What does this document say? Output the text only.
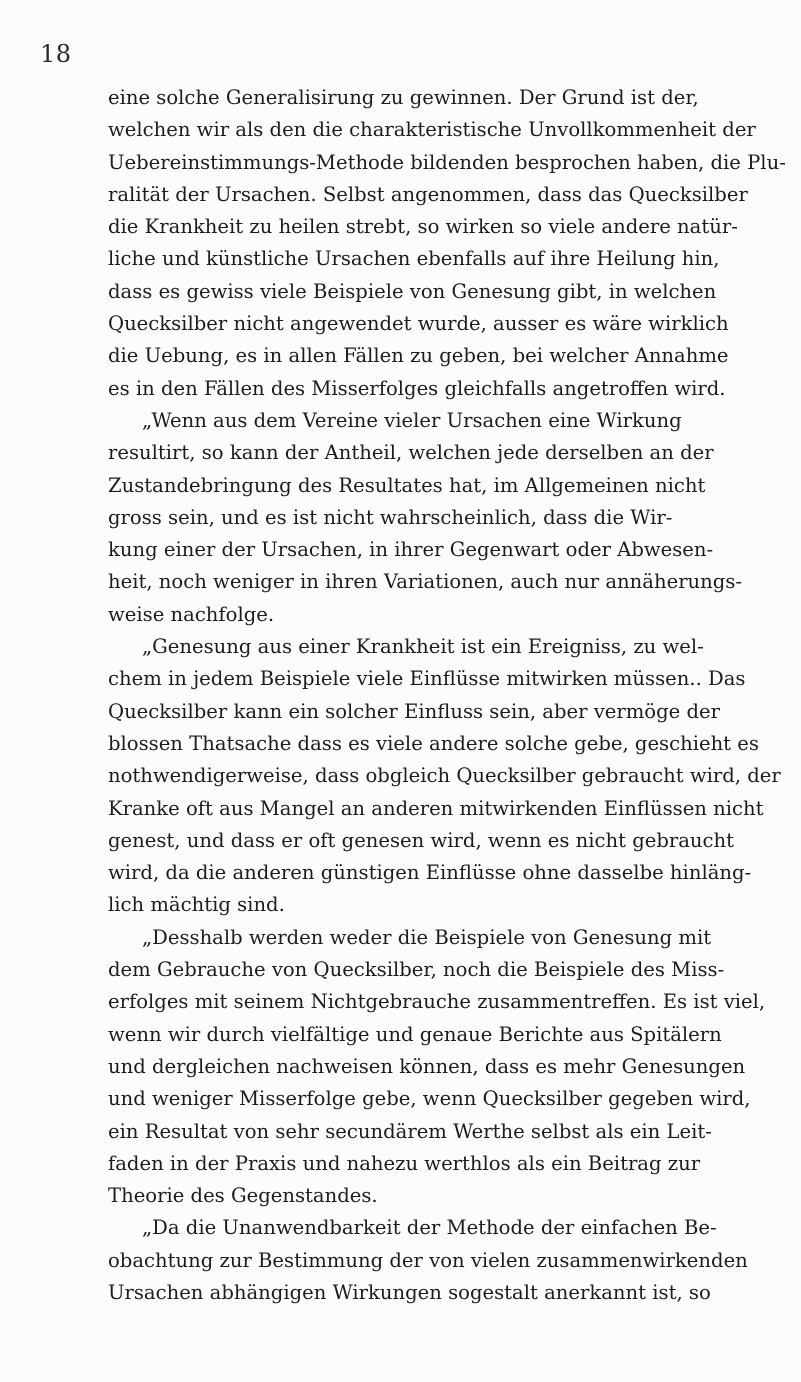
18
eine solche Generalisirung zu gewinnen. Der Grund ist der,
welchen wir als den die charakteristische Unvollkommenheit der
Uebereinstimmungs-Methode bildenden besprochen haben, die Plu-
ralität der Ursachen. Selbst angenommen, dass das Quecksilber
die Krankheit zu heilen strebt, so wirken so viele andere natür-
liche und künstliche Ursachen ebenfalls auf ihre Heilung hin,
dass es gewiss viele Beispiele von Genesung gibt, in welchen
Quecksilber nicht angewendet wurde, ausser es wäre wirklich
die Uebung, es in allen Fällen zu geben, bei welcher Annahme
es in den Fällen des Misserfolges gleichfalls angetroffen wird.
„Wenn aus dem Vereine vieler Ursachen eine Wirkung
resultirt, so kann der Antheil, welchen jede derselben an der
Zustandebringung des Resultates hat, im Allgemeinen nicht
gross sein, und es ist nicht wahrscheinlich, dass die Wir-
kung einer der Ursachen, in ihrer Gegenwart oder Abwesen-
heit, noch weniger in ihren Variationen, auch nur annäherungs-
weise nachfolge.
„Genesung aus einer Krankheit ist ein Ereigniss, zu wel-
chem in jedem Beispiele viele Einflüsse mitwirken müssen.. Das
Quecksilber kann ein solcher Einfluss sein, aber vermöge der
blossen Thatsache dass es viele andere solche gebe, geschieht es
nothwendigerweise, dass obgleich Quecksilber gebraucht wird, der
Kranke oft aus Mangel an anderen mitwirkenden Einflüssen nicht
genest, und dass er oft genesen wird, wenn es nicht gebraucht
wird, da die anderen günstigen Einflüsse ohne dasselbe hinläng-
lich mächtig sind.
„Desshalb werden weder die Beispiele von Genesung mit
dem Gebrauche von Quecksilber, noch die Beispiele des Miss-
erfolges mit seinem Nichtgebrauche zusammentreffen. Es ist viel,
wenn wir durch vielfältige und genaue Berichte aus Spitälern
und dergleichen nachweisen können, dass es mehr Genesungen
und weniger Misserfolge gebe, wenn Quecksilber gegeben wird,
ein Resultat von sehr secundärem Werthe selbst als ein Leit-
faden in der Praxis und nahezu werthlos als ein Beitrag zur
Theorie des Gegenstandes.
„Da die Unanwendbarkeit der Methode der einfachen Be-
obachtung zur Bestimmung der von vielen zusammenwirkenden
Ursachen abhängigen Wirkungen sogestalt anerkannt ist, so
